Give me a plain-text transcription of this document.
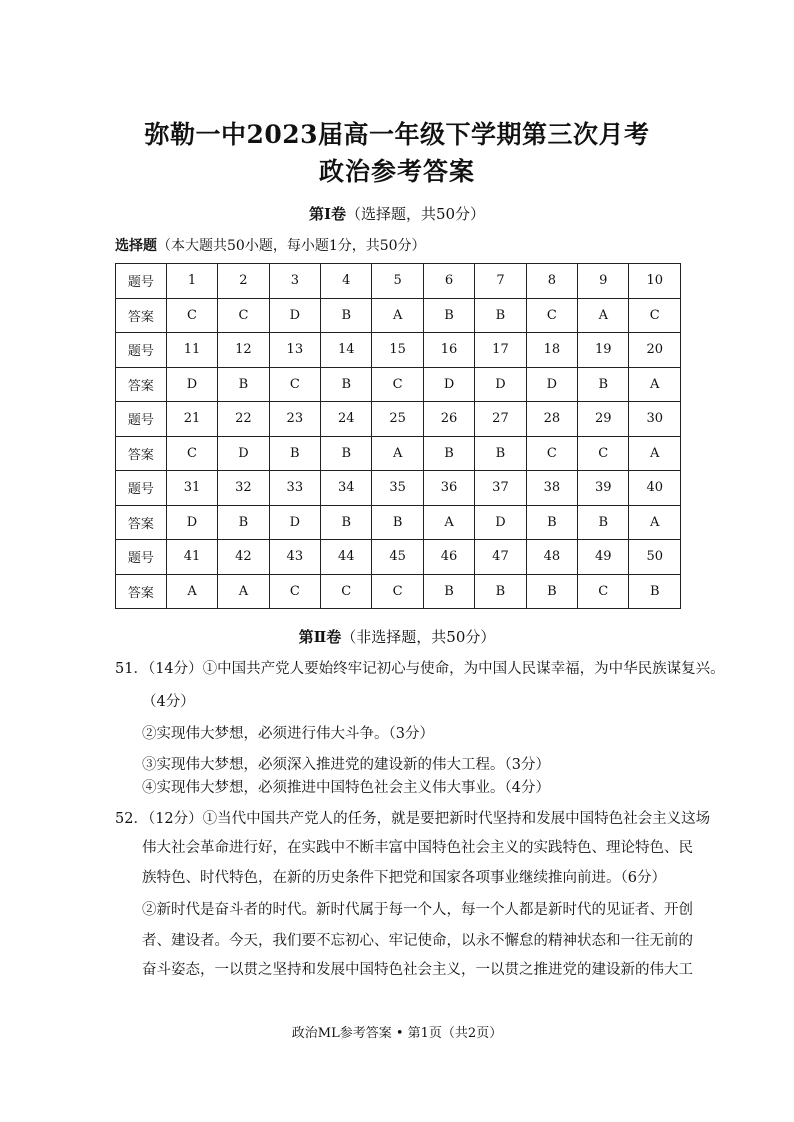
弥勒一中2023届高一年级下学期第三次月考
政治参考答案
第Ⅰ卷（选择题，共50分）
选择题（本大题共50小题，每小题1分，共50分）
题号	1	2	3	4	5	6	7	8	9	10
答案	C	C	D	B	A	B	B	C	A	C
题号	11	12	13	14	15	16	17	18	19	20
答案	D	B	C	B	C	D	D	D	B	A
题号	21	22	23	24	25	26	27	28	29	30
答案	C	D	B	B	A	B	B	C	C	A
题号	31	32	33	34	35	36	37	38	39	40
答案	D	B	D	B	B	A	D	B	B	A
题号	41	42	43	44	45	46	47	48	49	50
答案	A	A	C	C	C	B	B	B	C	B
第Ⅱ卷（非选择题，共50分）
51．（14分）①中国共产党人要始终牢记初心与使命，为中国人民谋幸福，为中华民族谋复兴。
（4分）
②实现伟大梦想，必须进行伟大斗争。（3分）
③实现伟大梦想，必须深入推进党的建设新的伟大工程。（3分）
④实现伟大梦想，必须推进中国特色社会主义伟大事业。（4分）
52．（12分）①当代中国共产党人的任务，就是要把新时代坚持和发展中国特色社会主义这场
伟大社会革命进行好，在实践中不断丰富中国特色社会主义的实践特色、理论特色、民
族特色、时代特色，在新的历史条件下把党和国家各项事业继续推向前进。（6分）
②新时代是奋斗者的时代。新时代属于每一个人，每一个人都是新时代的见证者、开创
者、建设者。今天，我们要不忘初心、牢记使命，以永不懈怠的精神状态和一往无前的
奋斗姿态，一以贯之坚持和发展中国特色社会主义，一以贯之推进党的建设新的伟大工
政治ML参考答案 • 第1页（共2页）
